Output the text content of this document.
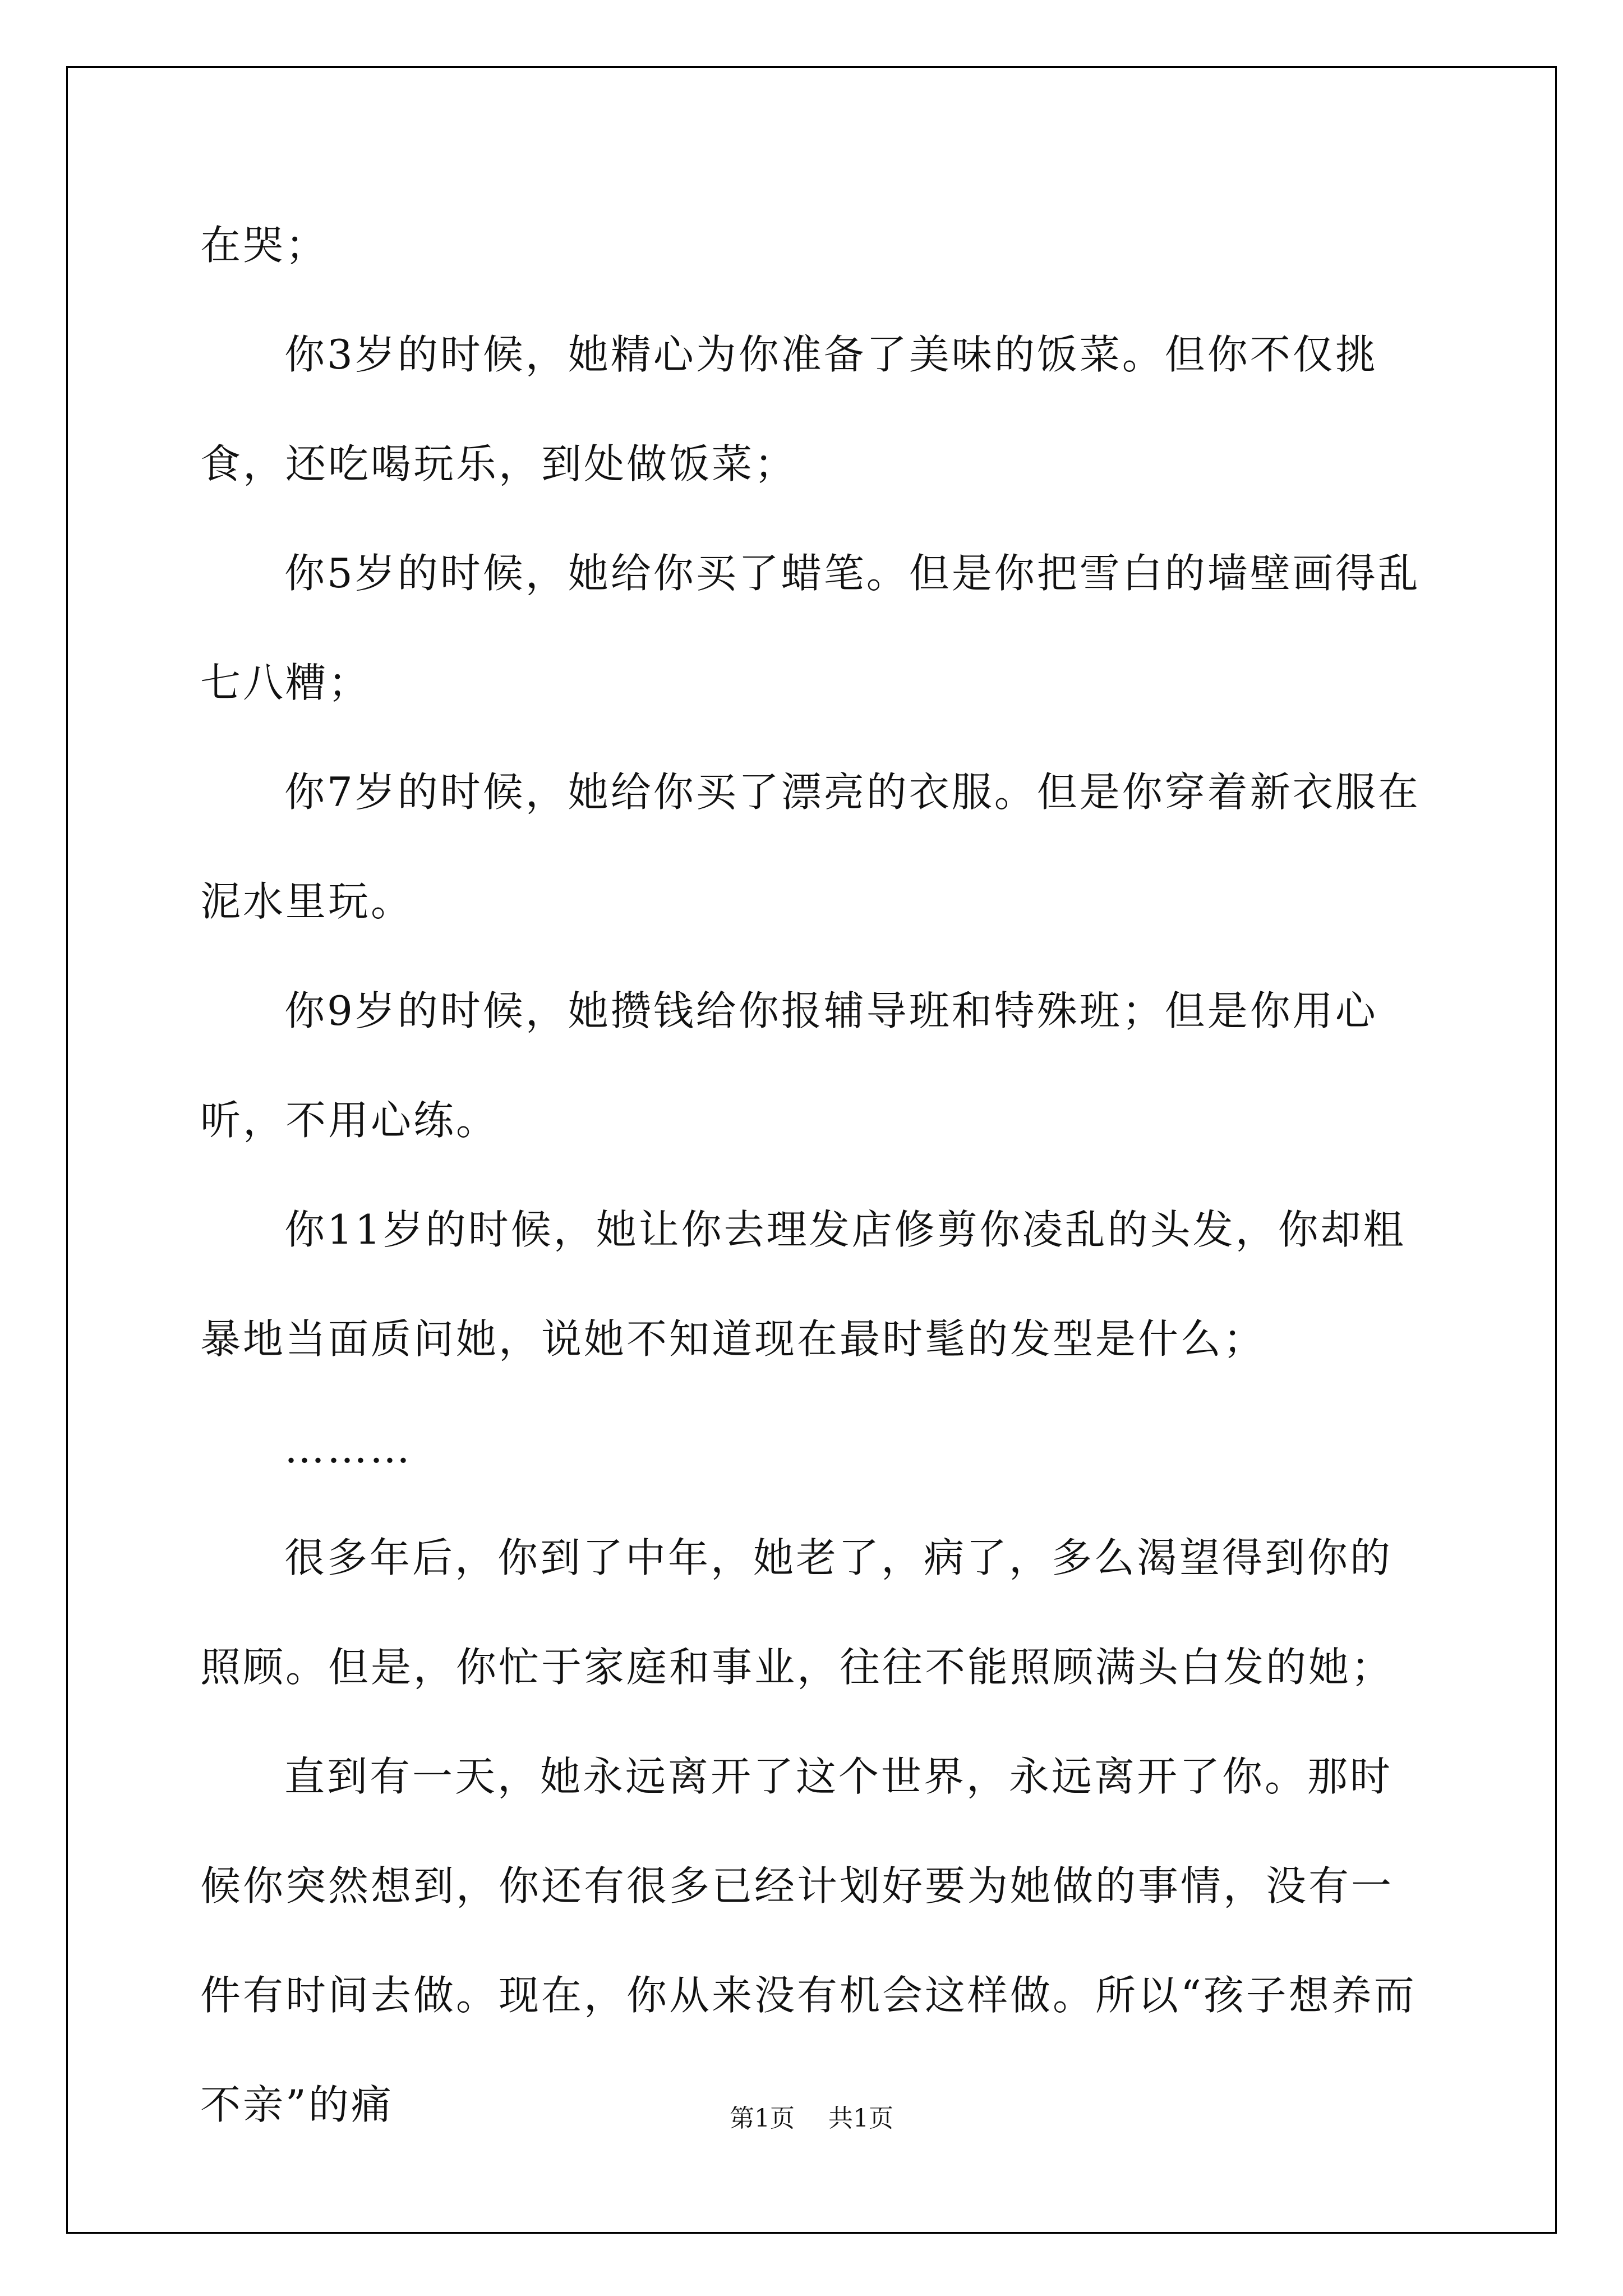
在哭；

你3岁的时候，她精心为你准备了美味的饭菜。但你不仅挑食，还吃喝玩乐，到处做饭菜；

你5岁的时候，她给你买了蜡笔。但是你把雪白的墙壁画得乱七八糟；

你7岁的时候，她给你买了漂亮的衣服。但是你穿着新衣服在泥水里玩。

你9岁的时候，她攒钱给你报辅导班和特殊班；但是你用心听，不用心练。

你11岁的时候，她让你去理发店修剪你凌乱的头发，你却粗暴地当面质问她，说她不知道现在最时髦的发型是什么；

………

很多年后，你到了中年，她老了，病了，多么渴望得到你的照顾。但是，你忙于家庭和事业，往往不能照顾满头白发的她；

直到有一天，她永远离开了这个世界，永远离开了你。那时候你突然想到，你还有很多已经计划好要为她做的事情，没有一件有时间去做。现在，你从来没有机会这样做。所以“孩子想养而不亲”的痛	第1页 共1页
